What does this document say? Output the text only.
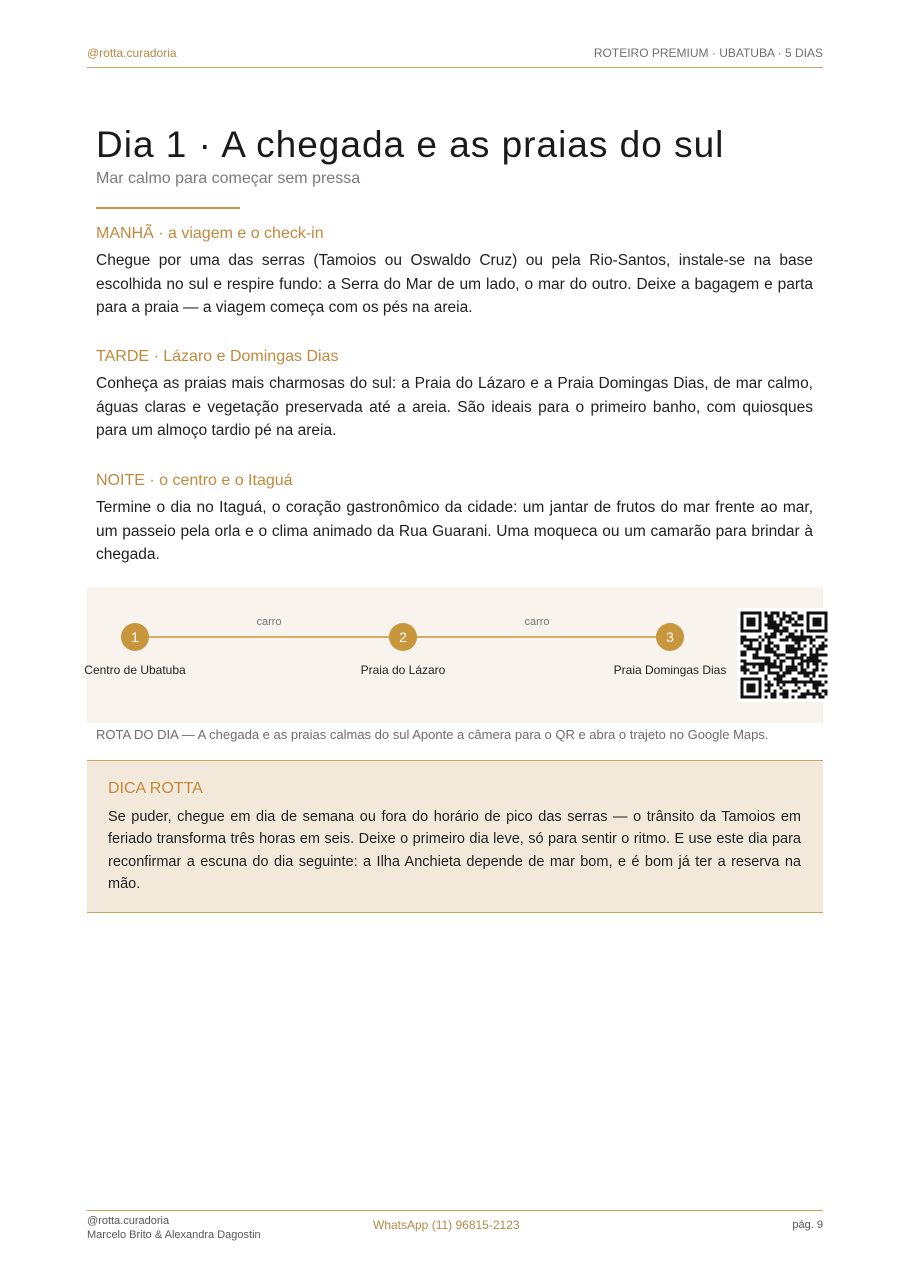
@rotta.curadoria	ROTEIRO PREMIUM · UBATUBA · 5 DIAS
Dia 1 · A chegada e as praias do sul
Mar calmo para começar sem pressa
MANHÃ · a viagem e o check-in
Chegue por uma das serras (Tamoios ou Oswaldo Cruz) ou pela Rio-Santos, instale-se na base escolhida no sul e respire fundo: a Serra do Mar de um lado, o mar do outro. Deixe a bagagem e parta para a praia — a viagem começa com os pés na areia.
TARDE · Lázaro e Domingas Dias
Conheça as praias mais charmosas do sul: a Praia do Lázaro e a Praia Domingas Dias, de mar calmo, águas claras e vegetação preservada até a areia. São ideais para o primeiro banho, com quiosques para um almoço tardio pé na areia.
NOITE · o centro e o Itaguá
Termine o dia no Itaguá, o coração gastronômico da cidade: um jantar de frutos do mar frente ao mar, um passeio pela orla e o clima animado da Rua Guarani. Uma moqueca ou um camarão para brindar à chegada.
1	2	3
carro	carro
Centro de Ubatuba	Praia do Lázaro	Praia Domingas Dias
ROTA DO DIA — A chegada e as praias calmas do sul Aponte a câmera para o QR e abra o trajeto no Google Maps.
DICA ROTTA
Se puder, chegue em dia de semana ou fora do horário de pico das serras — o trânsito da Tamoios em feriado transforma três horas em seis. Deixe o primeiro dia leve, só para sentir o ritmo. E use este dia para reconfirmar a escuna do dia seguinte: a Ilha Anchieta depende de mar bom, e é bom já ter a reserva na mão.
@rotta.curadoria
Marcelo Brito & Alexandra Dagostin
WhatsApp (11) 96815-2123	pág. 9
